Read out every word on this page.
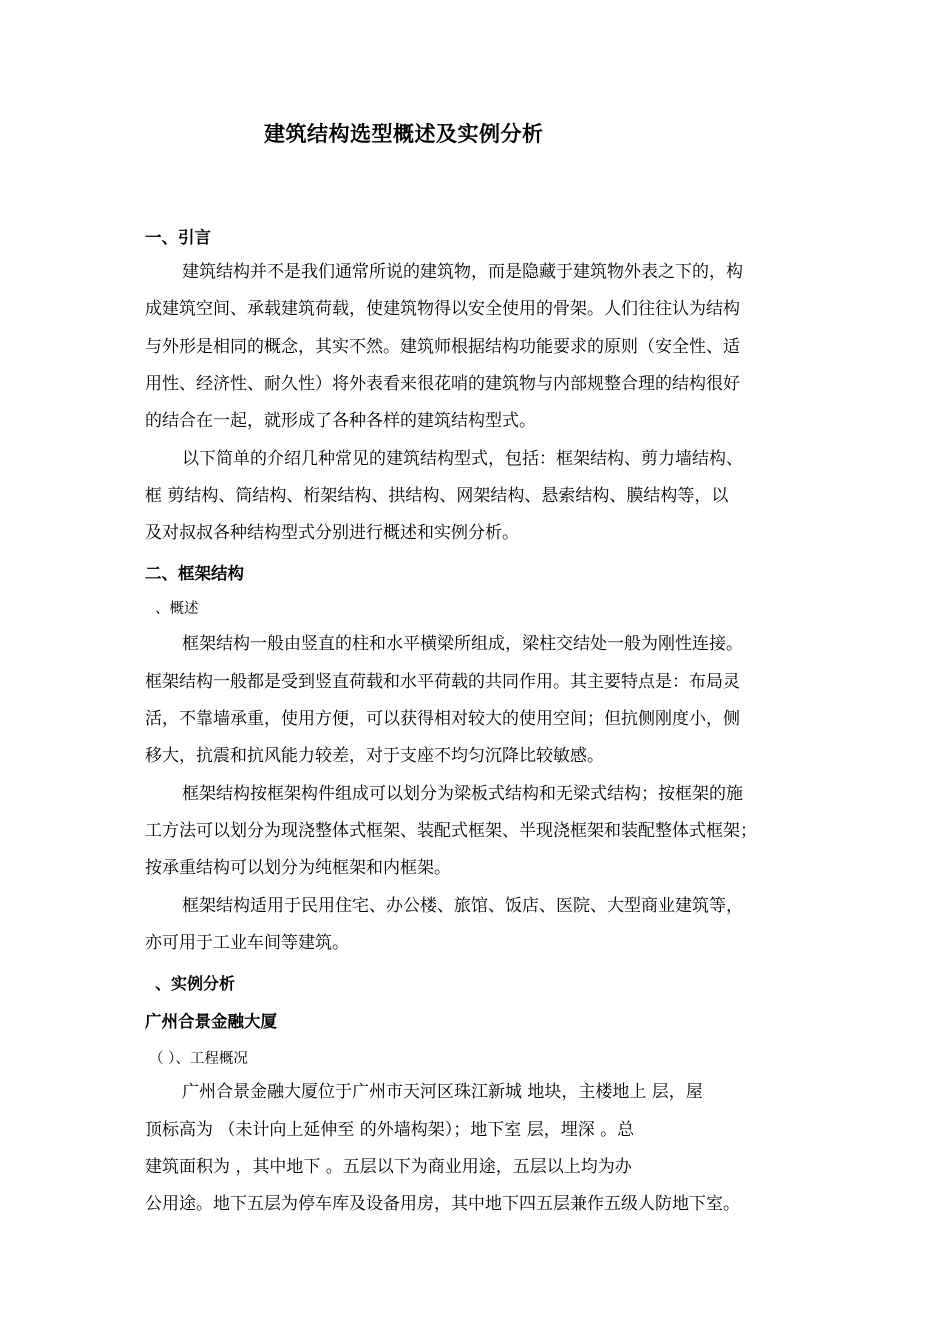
建筑结构选型概述及实例分析
一、引言
建筑结构并不是我们通常所说的建筑物，而是隐藏于建筑物外表之下的，构
成建筑空间、承载建筑荷载，使建筑物得以安全使用的骨架。人们往往认为结构
与外形是相同的概念，其实不然。建筑师根据结构功能要求的原则（安全性、适
用性、经济性、耐久性）将外表看来很花哨的建筑物与内部规整合理的结构很好
的结合在一起，就形成了各种各样的建筑结构型式。
以下简单的介绍几种常见的建筑结构型式，包括：框架结构、剪力墙结构、
框 剪结构、筒结构、桁架结构、拱结构、网架结构、悬索结构、膜结构等，以
及对叔叔各种结构型式分别进行概述和实例分析。
二、框架结构
、概述
框架结构一般由竖直的柱和水平横梁所组成，梁柱交结处一般为刚性连接。
框架结构一般都是受到竖直荷载和水平荷载的共同作用。其主要特点是：布局灵
活，不靠墙承重，使用方便，可以获得相对较大的使用空间；但抗侧刚度小，侧
移大，抗震和抗风能力较差，对于支座不均匀沉降比较敏感。
框架结构按框架构件组成可以划分为梁板式结构和无梁式结构；按框架的施
工方法可以划分为现浇整体式框架、装配式框架、半现浇框架和装配整体式框架；
按承重结构可以划分为纯框架和内框架。
框架结构适用于民用住宅、办公楼、旅馆、饭店、医院、大型商业建筑等，
亦可用于工业车间等建筑。
、实例分析
广州合景金融大厦
（ ）、工程概况
广州合景金融大厦位于广州市天河区珠江新城 地块，主楼地上 层，屋
顶标高为 （未计向上延伸至 的外墙构架）；地下室 层，埋深 。总
建筑面积为 ，其中地下 。五层以下为商业用途，五层以上均为办
公用途。地下五层为停车库及设备用房，其中地下四五层兼作五级人防地下室。
